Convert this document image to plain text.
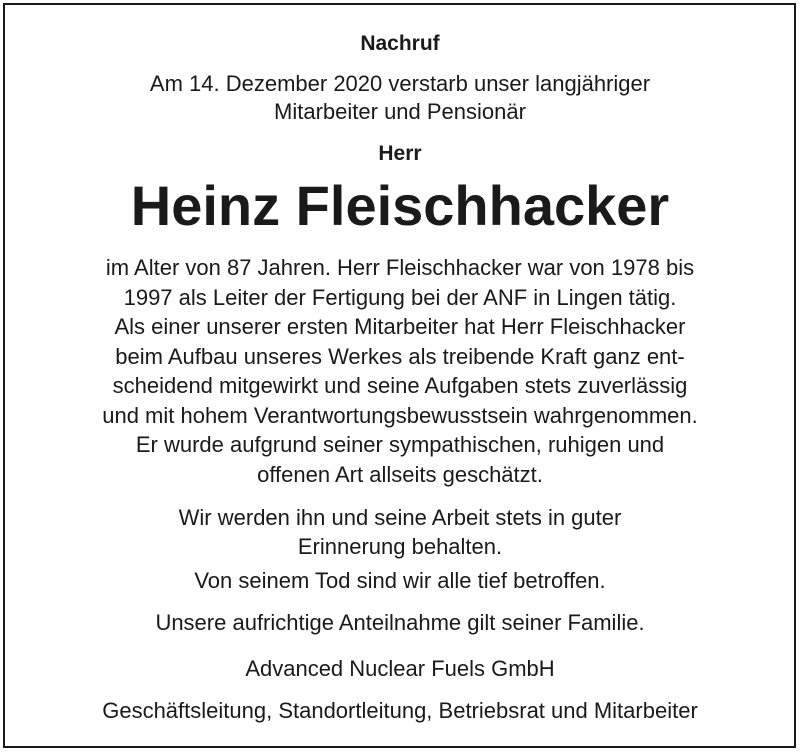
Nachruf
Am 14. Dezember 2020 verstarb unser langjähriger
Mitarbeiter und Pensionär
Herr
Heinz Fleischhacker
im Alter von 87 Jahren. Herr Fleischhacker war von 1978 bis
1997 als Leiter der Fertigung bei der ANF in Lingen tätig.
Als einer unserer ersten Mitarbeiter hat Herr Fleischhacker
beim Aufbau unseres Werkes als treibende Kraft ganz ent-
scheidend mitgewirkt und seine Aufgaben stets zuverlässig
und mit hohem Verantwortungsbewusstsein wahrgenommen.
Er wurde aufgrund seiner sympathischen, ruhigen und
offenen Art allseits geschätzt.
Wir werden ihn und seine Arbeit stets in guter
Erinnerung behalten.
Von seinem Tod sind wir alle tief betroffen.
Unsere aufrichtige Anteilnahme gilt seiner Familie.
Advanced Nuclear Fuels GmbH
Geschäftsleitung, Standortleitung, Betriebsrat und Mitarbeiter
